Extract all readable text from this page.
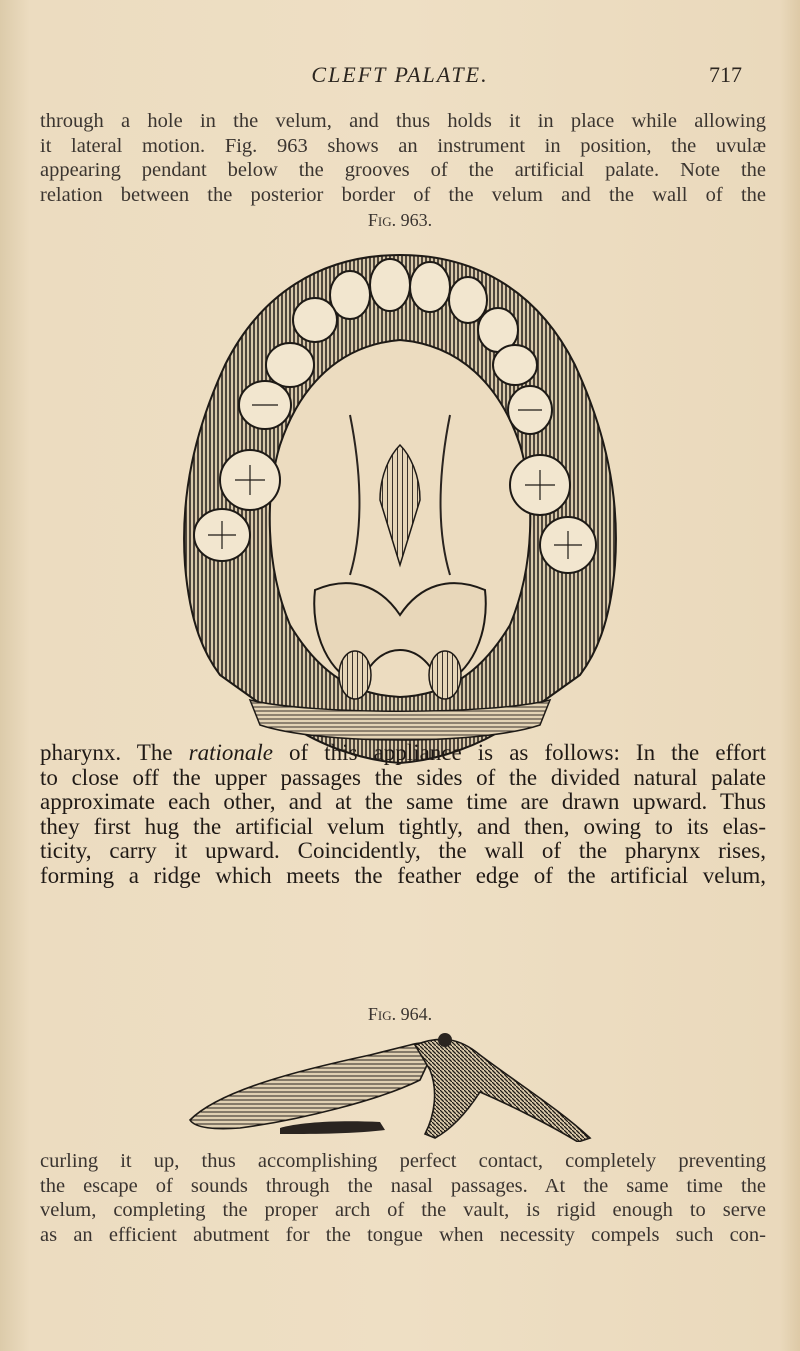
CLEFT PALATE.	717

through a hole in the velum, and thus holds it in place while allowing
it lateral motion. Fig. 963 shows an instrument in position, the uvulæ
appearing pendant below the grooves of the artificial palate. Note the
relation between the posterior border of the velum and the wall of the

Fig. 963.

pharynx. The rationale of this appliance is as follows: In the effort
to close off the upper passages the sides of the divided natural palate
approximate each other, and at the same time are drawn upward. Thus
they first hug the artificial velum tightly, and then, owing to its elas-
ticity, carry it upward. Coincidently, the wall of the pharynx rises,
forming a ridge which meets the feather edge of the artificial velum,

Fig. 964.

curling it up, thus accomplishing perfect contact, completely preventing
the escape of sounds through the nasal passages. At the same time the
velum, completing the proper arch of the vault, is rigid enough to serve
as an efficient abutment for the tongue when necessity compels such con-
